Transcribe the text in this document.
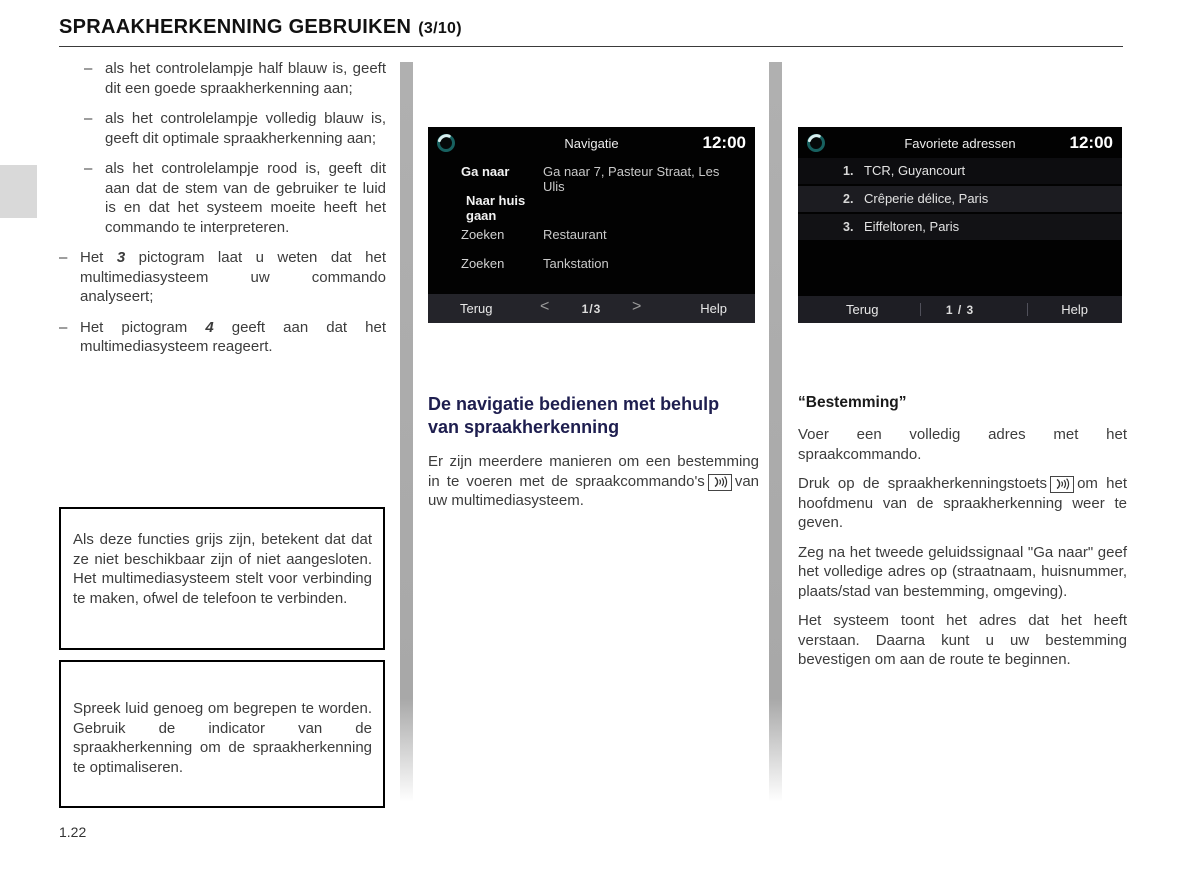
SPRAAKHERKENNING GEBRUIKEN (3/10)
– als het controlelampje half blauw is, geeft dit een goede spraakherkenning aan;
– als het controlelampje volledig blauw is, geeft dit optimale spraakherkenning aan;
– als het controlelampje rood is, geeft dit aan dat de stem van de gebruiker te luid is en dat het systeem moeite heeft het commando te interpreteren.
– Het 3 pictogram laat u weten dat het multimediasysteem uw commando analyseert;
– Het pictogram 4 geeft aan dat het multimediasysteem reageert.
Als deze functies grijs zijn, betekent dat dat ze niet beschikbaar zijn of niet aangesloten. Het multimediasysteem stelt voor verbinding te maken, ofwel de telefoon te verbinden.
Spreek luid genoeg om begrepen te worden. Gebruik de indicator van de spraakherkenning om de spraakherkenning te optimaliseren.
1.22
Navigatie	12:00
Ga naar	Ga naar 7, Pasteur Straat, Les Ulis
Naar huis gaan
Zoeken	Restaurant
Zoeken	Tankstation
Terug	<	1/3	>	Help
Favoriete adressen	12:00
1. TCR, Guyancourt
2. Crêperie délice, Paris
3. Eiffeltoren, Paris
Terug	1 / 3	Help
De navigatie bedienen met behulp van spraakherkenning

Er zijn meerdere manieren om een bestemming in te voeren met de spraakcommando's van uw multimediasysteem.

“Bestemming”

Voer een volledig adres met het spraakcommando.

Druk op de spraakherkenningstoets om het hoofdmenu van de spraakherkenning weer te geven.

Zeg na het tweede geluidssignaal "Ga naar" geef het volledige adres op (straatnaam, huisnummer, plaats/stad van bestemming, omgeving).

Het systeem toont het adres dat het heeft verstaan. Daarna kunt u uw bestemming bevestigen om aan de route te beginnen.
